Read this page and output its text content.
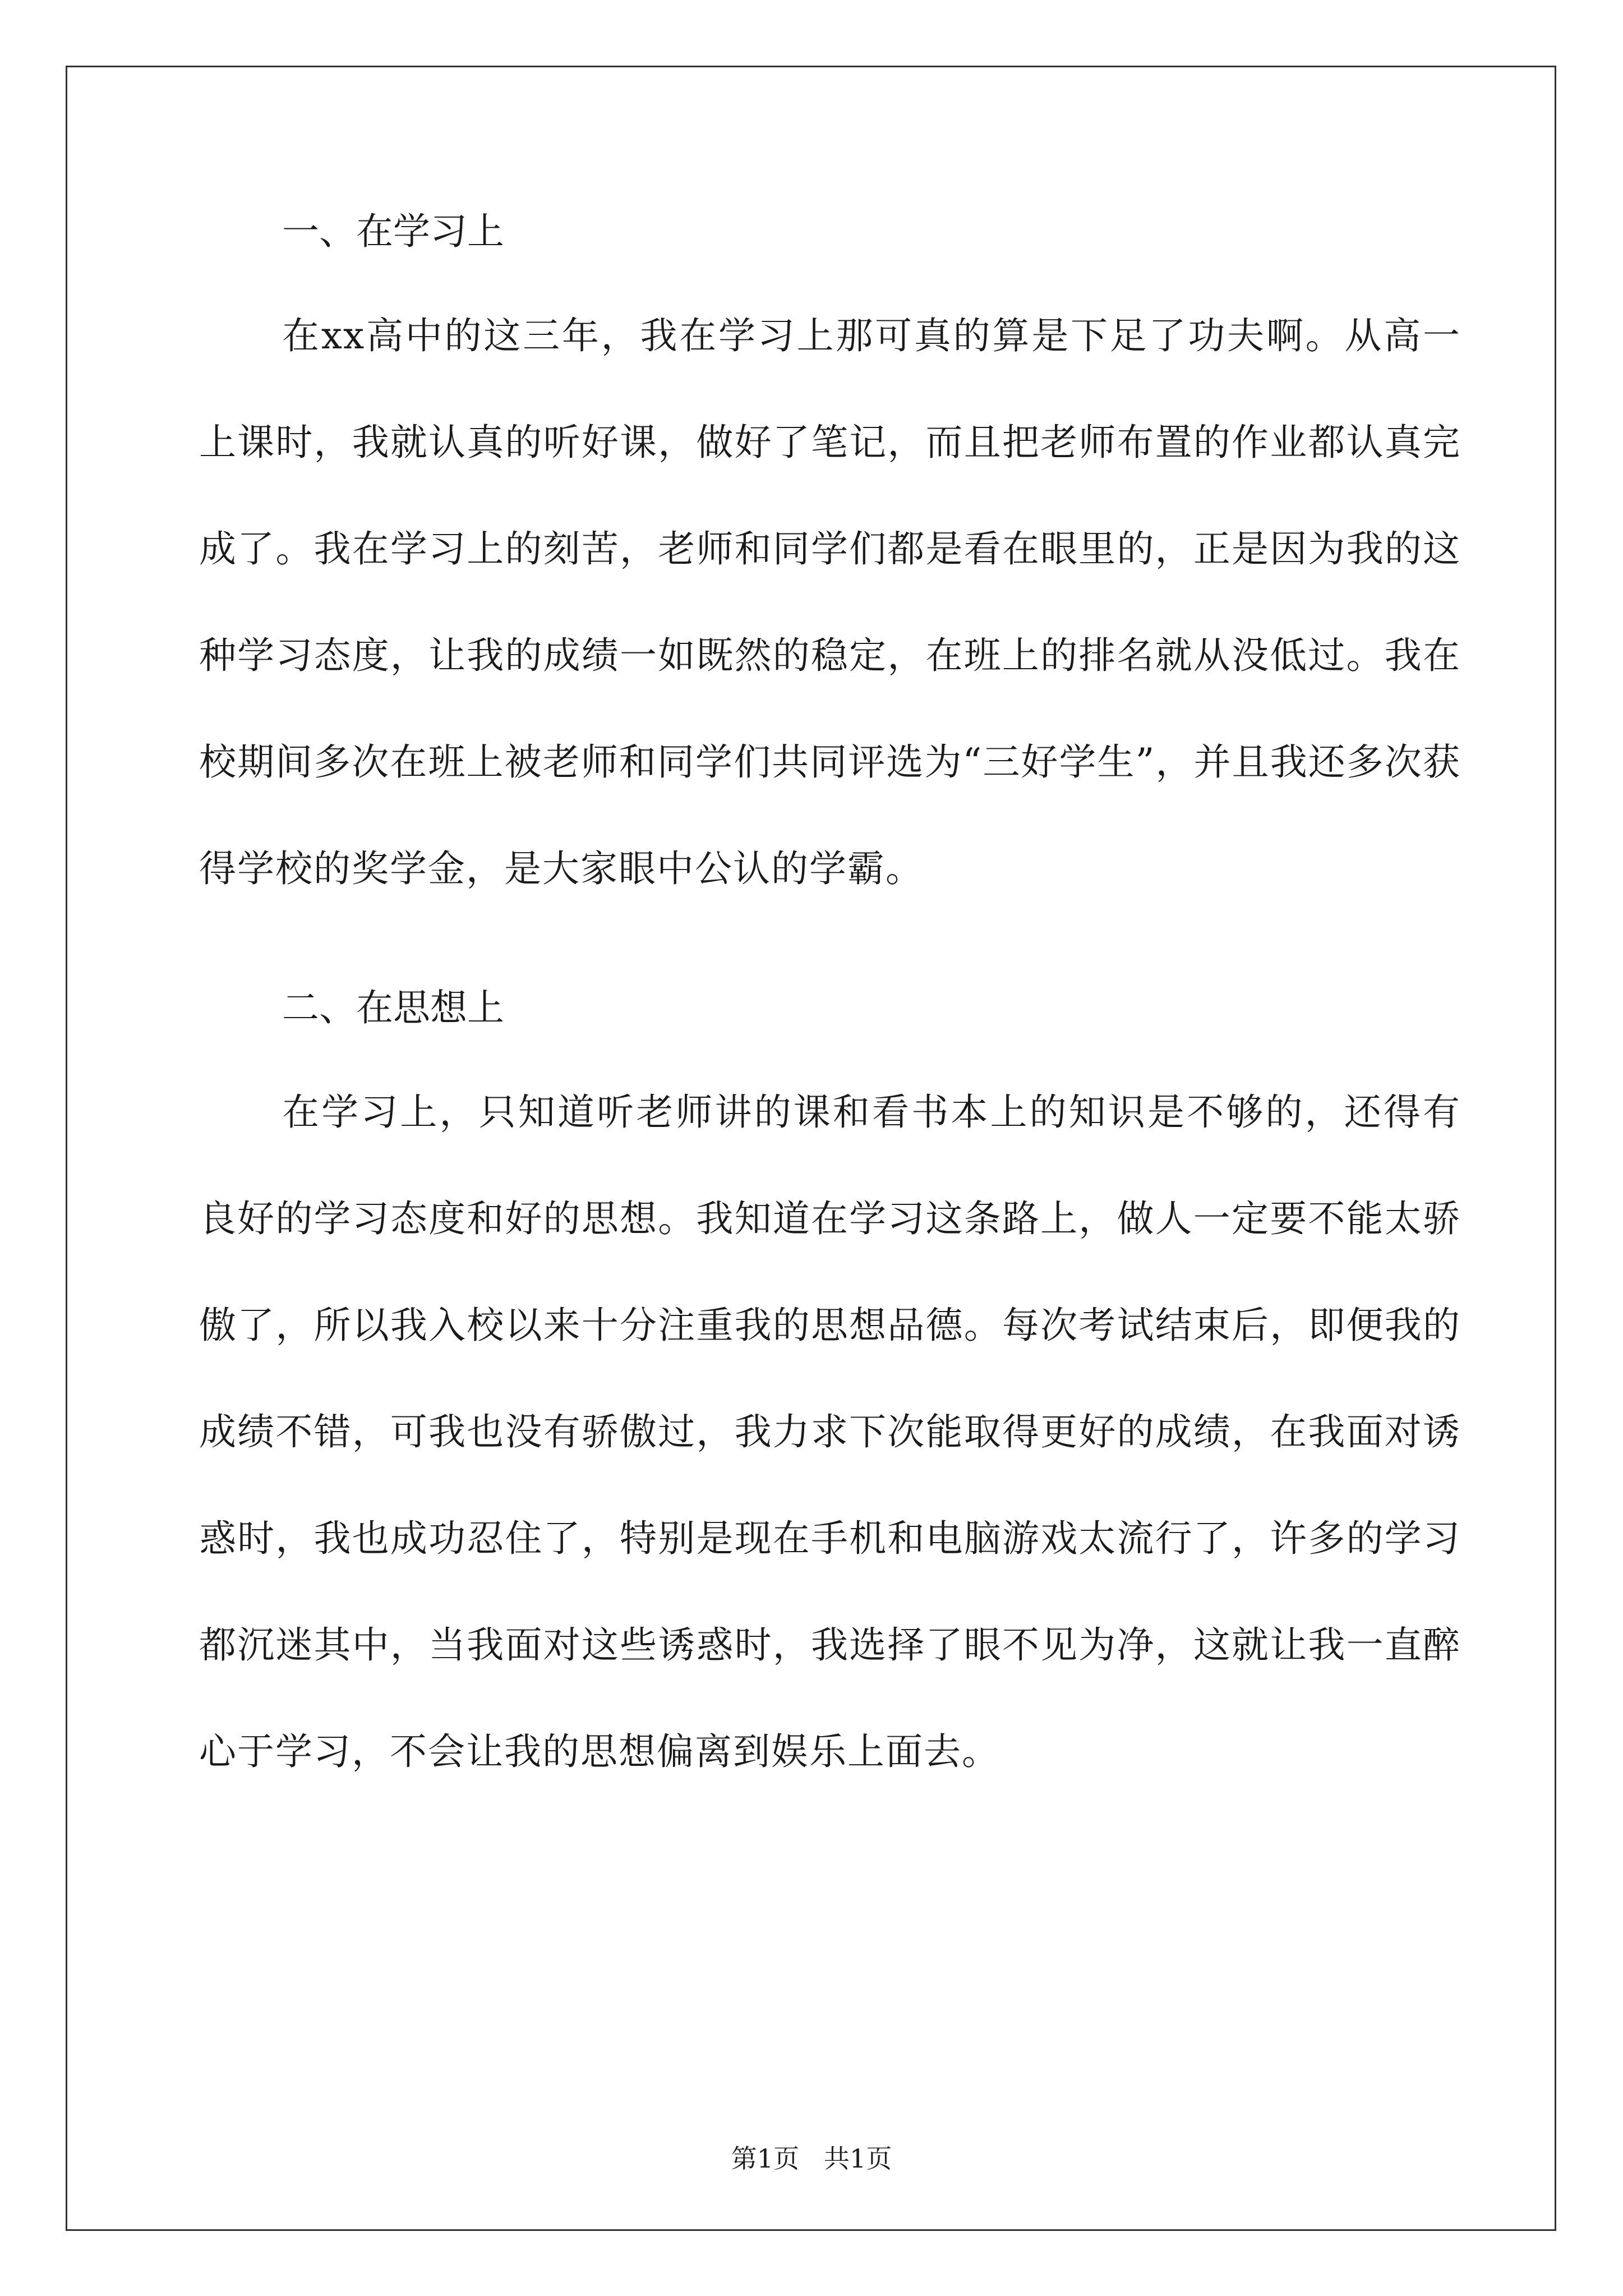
一、在学习上

在xx高中的这三年，我在学习上那可真的算是下足了功夫啊。从高一上课时，我就认真的听好课，做好了笔记，而且把老师布置的作业都认真完成了。我在学习上的刻苦，老师和同学们都是看在眼里的，正是因为我的这种学习态度，让我的成绩一如既然的稳定，在班上的排名就从没低过。我在校期间多次在班上被老师和同学们共同评选为“三好学生”，并且我还多次获得学校的奖学金，是大家眼中公认的学霸。

二、在思想上

在学习上，只知道听老师讲的课和看书本上的知识是不够的，还得有良好的学习态度和好的思想。我知道在学习这条路上，做人一定要不能太骄傲了，所以我入校以来十分注重我的思想品德。每次考试结束后，即便我的成绩不错，可我也没有骄傲过，我力求下次能取得更好的成绩，在我面对诱惑时，我也成功忍住了，特别是现在手机和电脑游戏太流行了，许多的学习都沉迷其中，当我面对这些诱惑时，我选择了眼不见为净，这就让我一直醉心于学习，不会让我的思想偏离到娱乐上面去。

第1页   共1页
